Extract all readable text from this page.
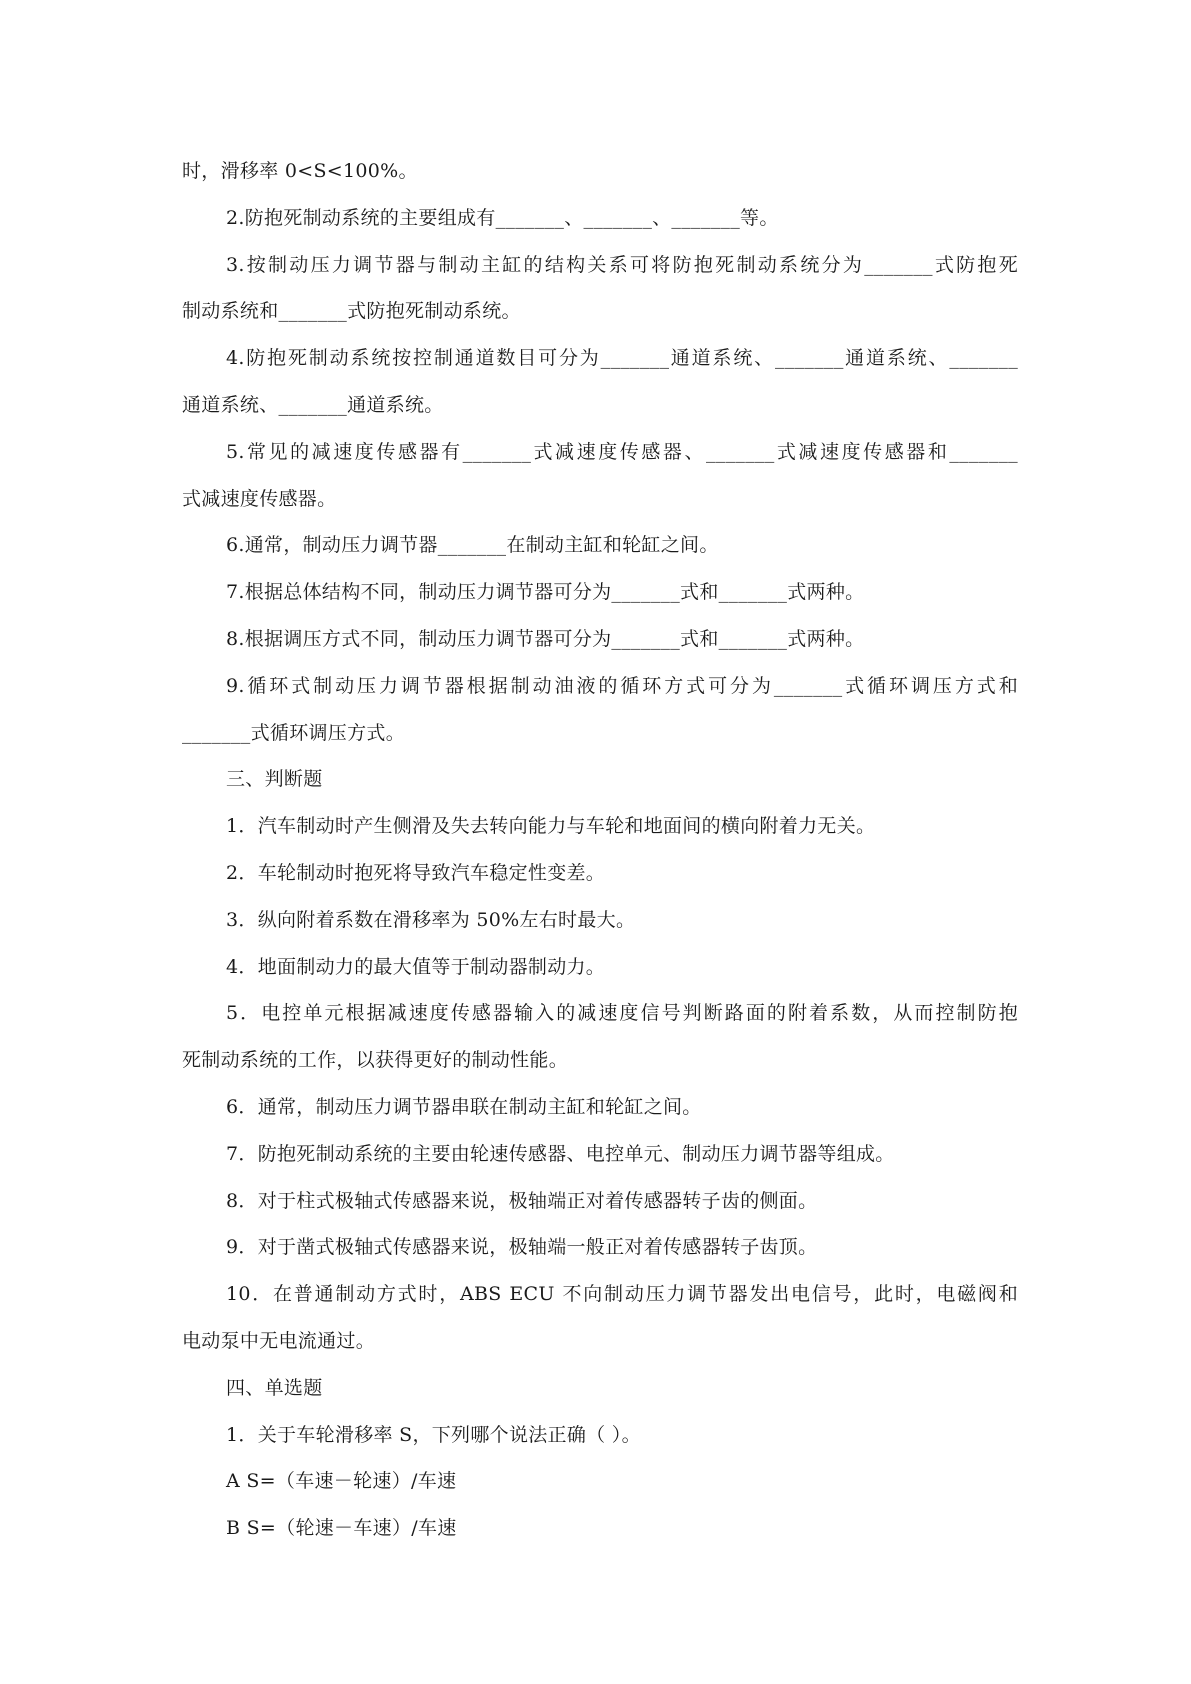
时，滑移率 0<S<100%。
2.防抱死制动系统的主要组成有_______、_______、_______等。
3.按制动压力调节器与制动主缸的结构关系可将防抱死制动系统分为_______式防抱死
制动系统和_______式防抱死制动系统。
4.防抱死制动系统按控制通道数目可分为_______通道系统、_______通道系统、_______
通道系统、_______通道系统。
5.常见的减速度传感器有_______式减速度传感器、_______式减速度传感器和_______
式减速度传感器。
6.通常，制动压力调节器_______在制动主缸和轮缸之间。
7.根据总体结构不同，制动压力调节器可分为_______式和_______式两种。
8.根据调压方式不同，制动压力调节器可分为_______式和_______式两种。
9.循环式制动压力调节器根据制动油液的循环方式可分为_______式循环调压方式和
_______式循环调压方式。
三、判断题
1．汽车制动时产生侧滑及失去转向能力与车轮和地面间的横向附着力无关。
2．车轮制动时抱死将导致汽车稳定性变差。
3．纵向附着系数在滑移率为 50%左右时最大。
4．地面制动力的最大值等于制动器制动力。
5．电控单元根据减速度传感器输入的减速度信号判断路面的附着系数，从而控制防抱
死制动系统的工作，以获得更好的制动性能。
6．通常，制动压力调节器串联在制动主缸和轮缸之间。
7．防抱死制动系统的主要由轮速传感器、电控单元、制动压力调节器等组成。
8．对于柱式极轴式传感器来说，极轴端正对着传感器转子齿的侧面。
9．对于凿式极轴式传感器来说，极轴端一般正对着传感器转子齿顶。
10．在普通制动方式时，ABS ECU 不向制动压力调节器发出电信号，此时，电磁阀和
电动泵中无电流通过。
四、单选题
1．关于车轮滑移率 S，下列哪个说法正确（ ）。
A S=（车速－轮速）/车速
B S=（轮速－车速）/车速
